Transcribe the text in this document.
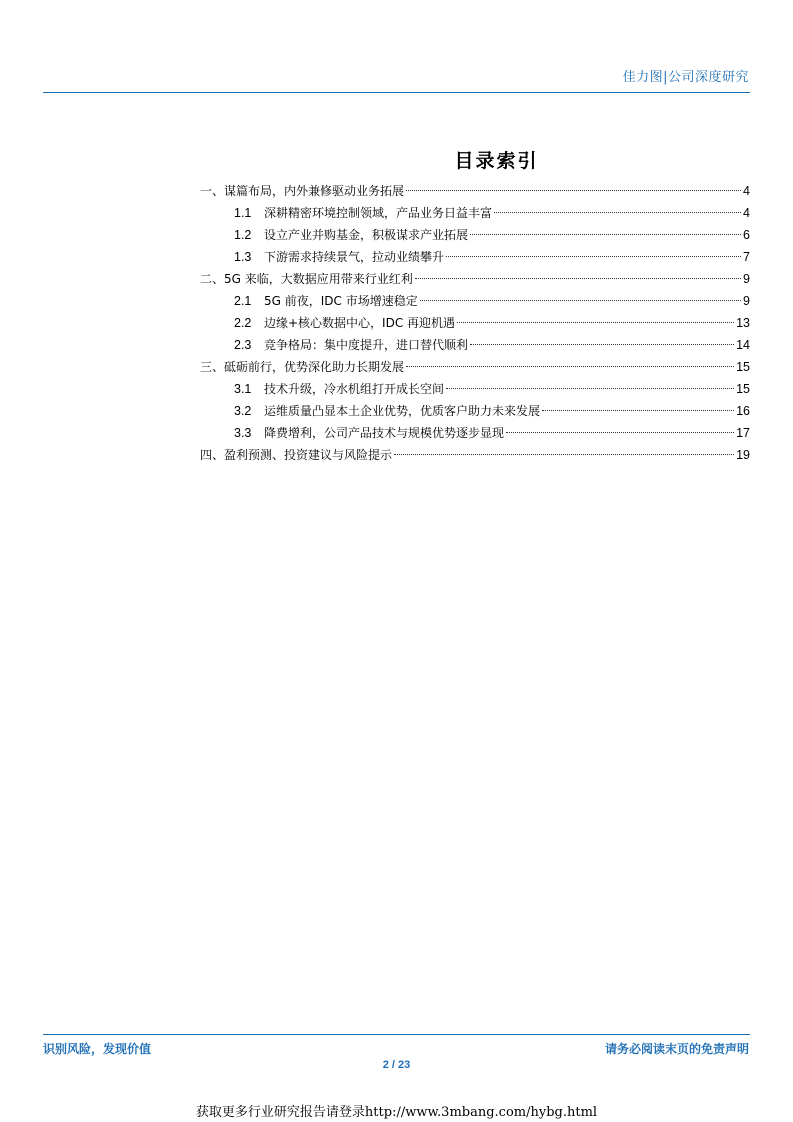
佳力图|公司深度研究
目录索引
一、谋篇布局，内外兼修驱动业务拓展	4
1.1	深耕精密环境控制领域，产品业务日益丰富	4
1.2	设立产业并购基金，积极谋求产业拓展	6
1.3	下游需求持续景气，拉动业绩攀升	7
二、5G 来临，大数据应用带来行业红利	9
2.1	5G 前夜，IDC 市场增速稳定	9
2.2	边缘+核心数据中心，IDC 再迎机遇	13
2.3	竞争格局：集中度提升，进口替代顺利	14
三、砥砺前行，优势深化助力长期发展	15
3.1	技术升级，冷水机组打开成长空间	15
3.2	运维质量凸显本土企业优势，优质客户助力未来发展	16
3.3	降费增利，公司产品技术与规模优势逐步显现	17
四、盈利预测、投资建议与风险提示	19
识别风险，发现价值	请务必阅读末页的免责声明
2 / 23
获取更多行业研究报告请登录http://www.3mbang.com/hybg.html
